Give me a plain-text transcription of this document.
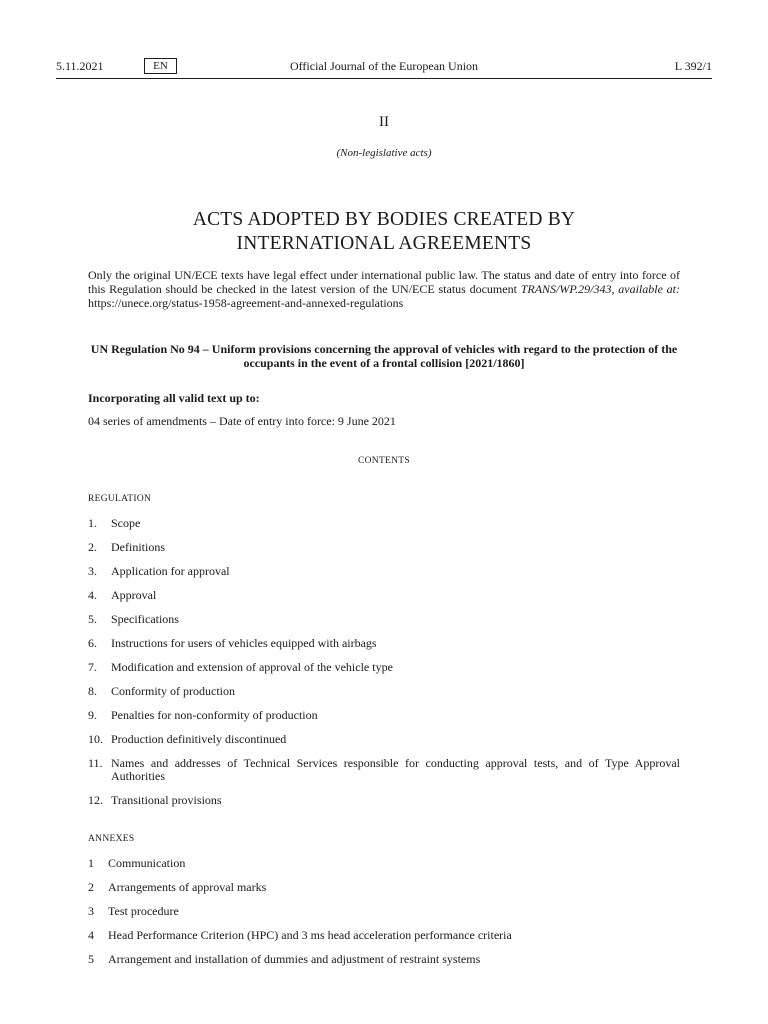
5.11.2021	EN	Official Journal of the European Union	L 392/1
II
(Non-legislative acts)
ACTS ADOPTED BY BODIES CREATED BY
INTERNATIONAL AGREEMENTS
Only the original UN/ECE texts have legal effect under international public law. The status and date of entry into force of this Regulation should be checked in the latest version of the UN/ECE status document TRANS/WP.29/343, available at: https://unece.org/status-1958-agreement-and-annexed-regulations
UN Regulation No 94 – Uniform provisions concerning the approval of vehicles with regard to the protection of the occupants in the event of a frontal collision [2021/1860]
Incorporating all valid text up to:
04 series of amendments – Date of entry into force: 9 June 2021
CONTENTS
REGULATION
1. Scope
2. Definitions
3. Application for approval
4. Approval
5. Specifications
6. Instructions for users of vehicles equipped with airbags
7. Modification and extension of approval of the vehicle type
8. Conformity of production
9. Penalties for non-conformity of production
10. Production definitively discontinued
11. Names and addresses of Technical Services responsible for conducting approval tests, and of Type Approval Authorities
12. Transitional provisions
ANNEXES
1 Communication
2 Arrangements of approval marks
3 Test procedure
4 Head Performance Criterion (HPC) and 3 ms head acceleration performance criteria
5 Arrangement and installation of dummies and adjustment of restraint systems
